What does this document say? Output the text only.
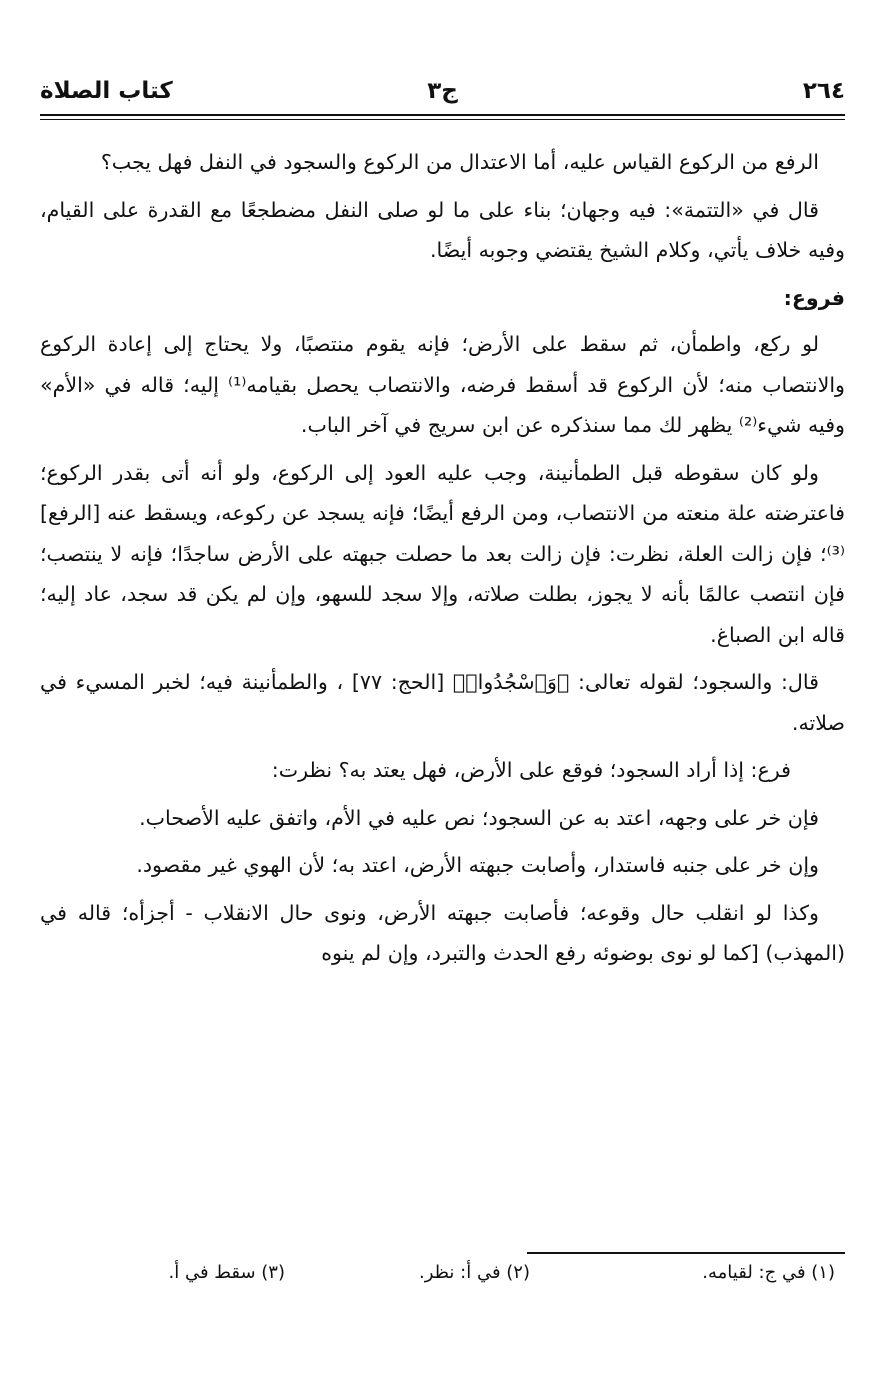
٢٦٤
ج٣
كتاب الصلاة

الرفع من الركوع القياس عليه، أما الاعتدال من الركوع والسجود في النفل فهل يجب؟

قال في «التتمة»: فيه وجهان؛ بناء على ما لو صلى النفل مضطجعًا مع القدرة على القيام، وفيه خلاف يأتي، وكلام الشيخ يقتضي وجوبه أيضًا.

فروع:

لو ركع، واطمأن، ثم سقط على الأرض؛ فإنه يقوم منتصبًا، ولا يحتاج إلى إعادة الركوع والانتصاب منه؛ لأن الركوع قد أسقط فرضه، والانتصاب يحصل بقيامه⁽¹⁾ إليه؛ قاله في «الأم» وفيه شيء⁽²⁾ يظهر لك مما سنذكره عن ابن سريج في آخر الباب.

ولو كان سقوطه قبل الطمأنينة، وجب عليه العود إلى الركوع، ولو أنه أتى بقدر الركوع؛ فاعترضته علة منعته من الانتصاب، ومن الرفع أيضًا؛ فإنه يسجد عن ركوعه، ويسقط عنه [الرفع]⁽³⁾؛ فإن زالت العلة، نظرت: فإن زالت بعد ما حصلت جبهته على الأرض ساجدًا؛ فإنه لا ينتصب؛ فإن انتصب عالمًا بأنه لا يجوز، بطلت صلاته، وإلا سجد للسهو، وإن لم يكن قد سجد، عاد إليه؛ قاله ابن الصباغ.

قال: والسجود؛ لقوله تعالى: ﴿وَٱسْجُدُوا۟﴾ [الحج: ٧٧] ، والطمأنينة فيه؛ لخبر المسيء في صلاته.

فرع: إذا أراد السجود؛ فوقع على الأرض، فهل يعتد به؟ نظرت:

فإن خر على وجهه، اعتد به عن السجود؛ نص عليه في الأم، واتفق عليه الأصحاب.

وإن خر على جنبه فاستدار، وأصابت جبهته الأرض، اعتد به؛ لأن الهوي غير مقصود.

وكذا لو انقلب حال وقوعه؛ فأصابت جبهته الأرض، ونوى حال الانقلاب - أجزأه؛ قاله في (المهذب) [كما لو نوى بوضوئه رفع الحدث والتبرد، وإن لم ينوه

(١) في ج: لقيامه.
(٢) في أ: نظر.
(٣) سقط في أ.
